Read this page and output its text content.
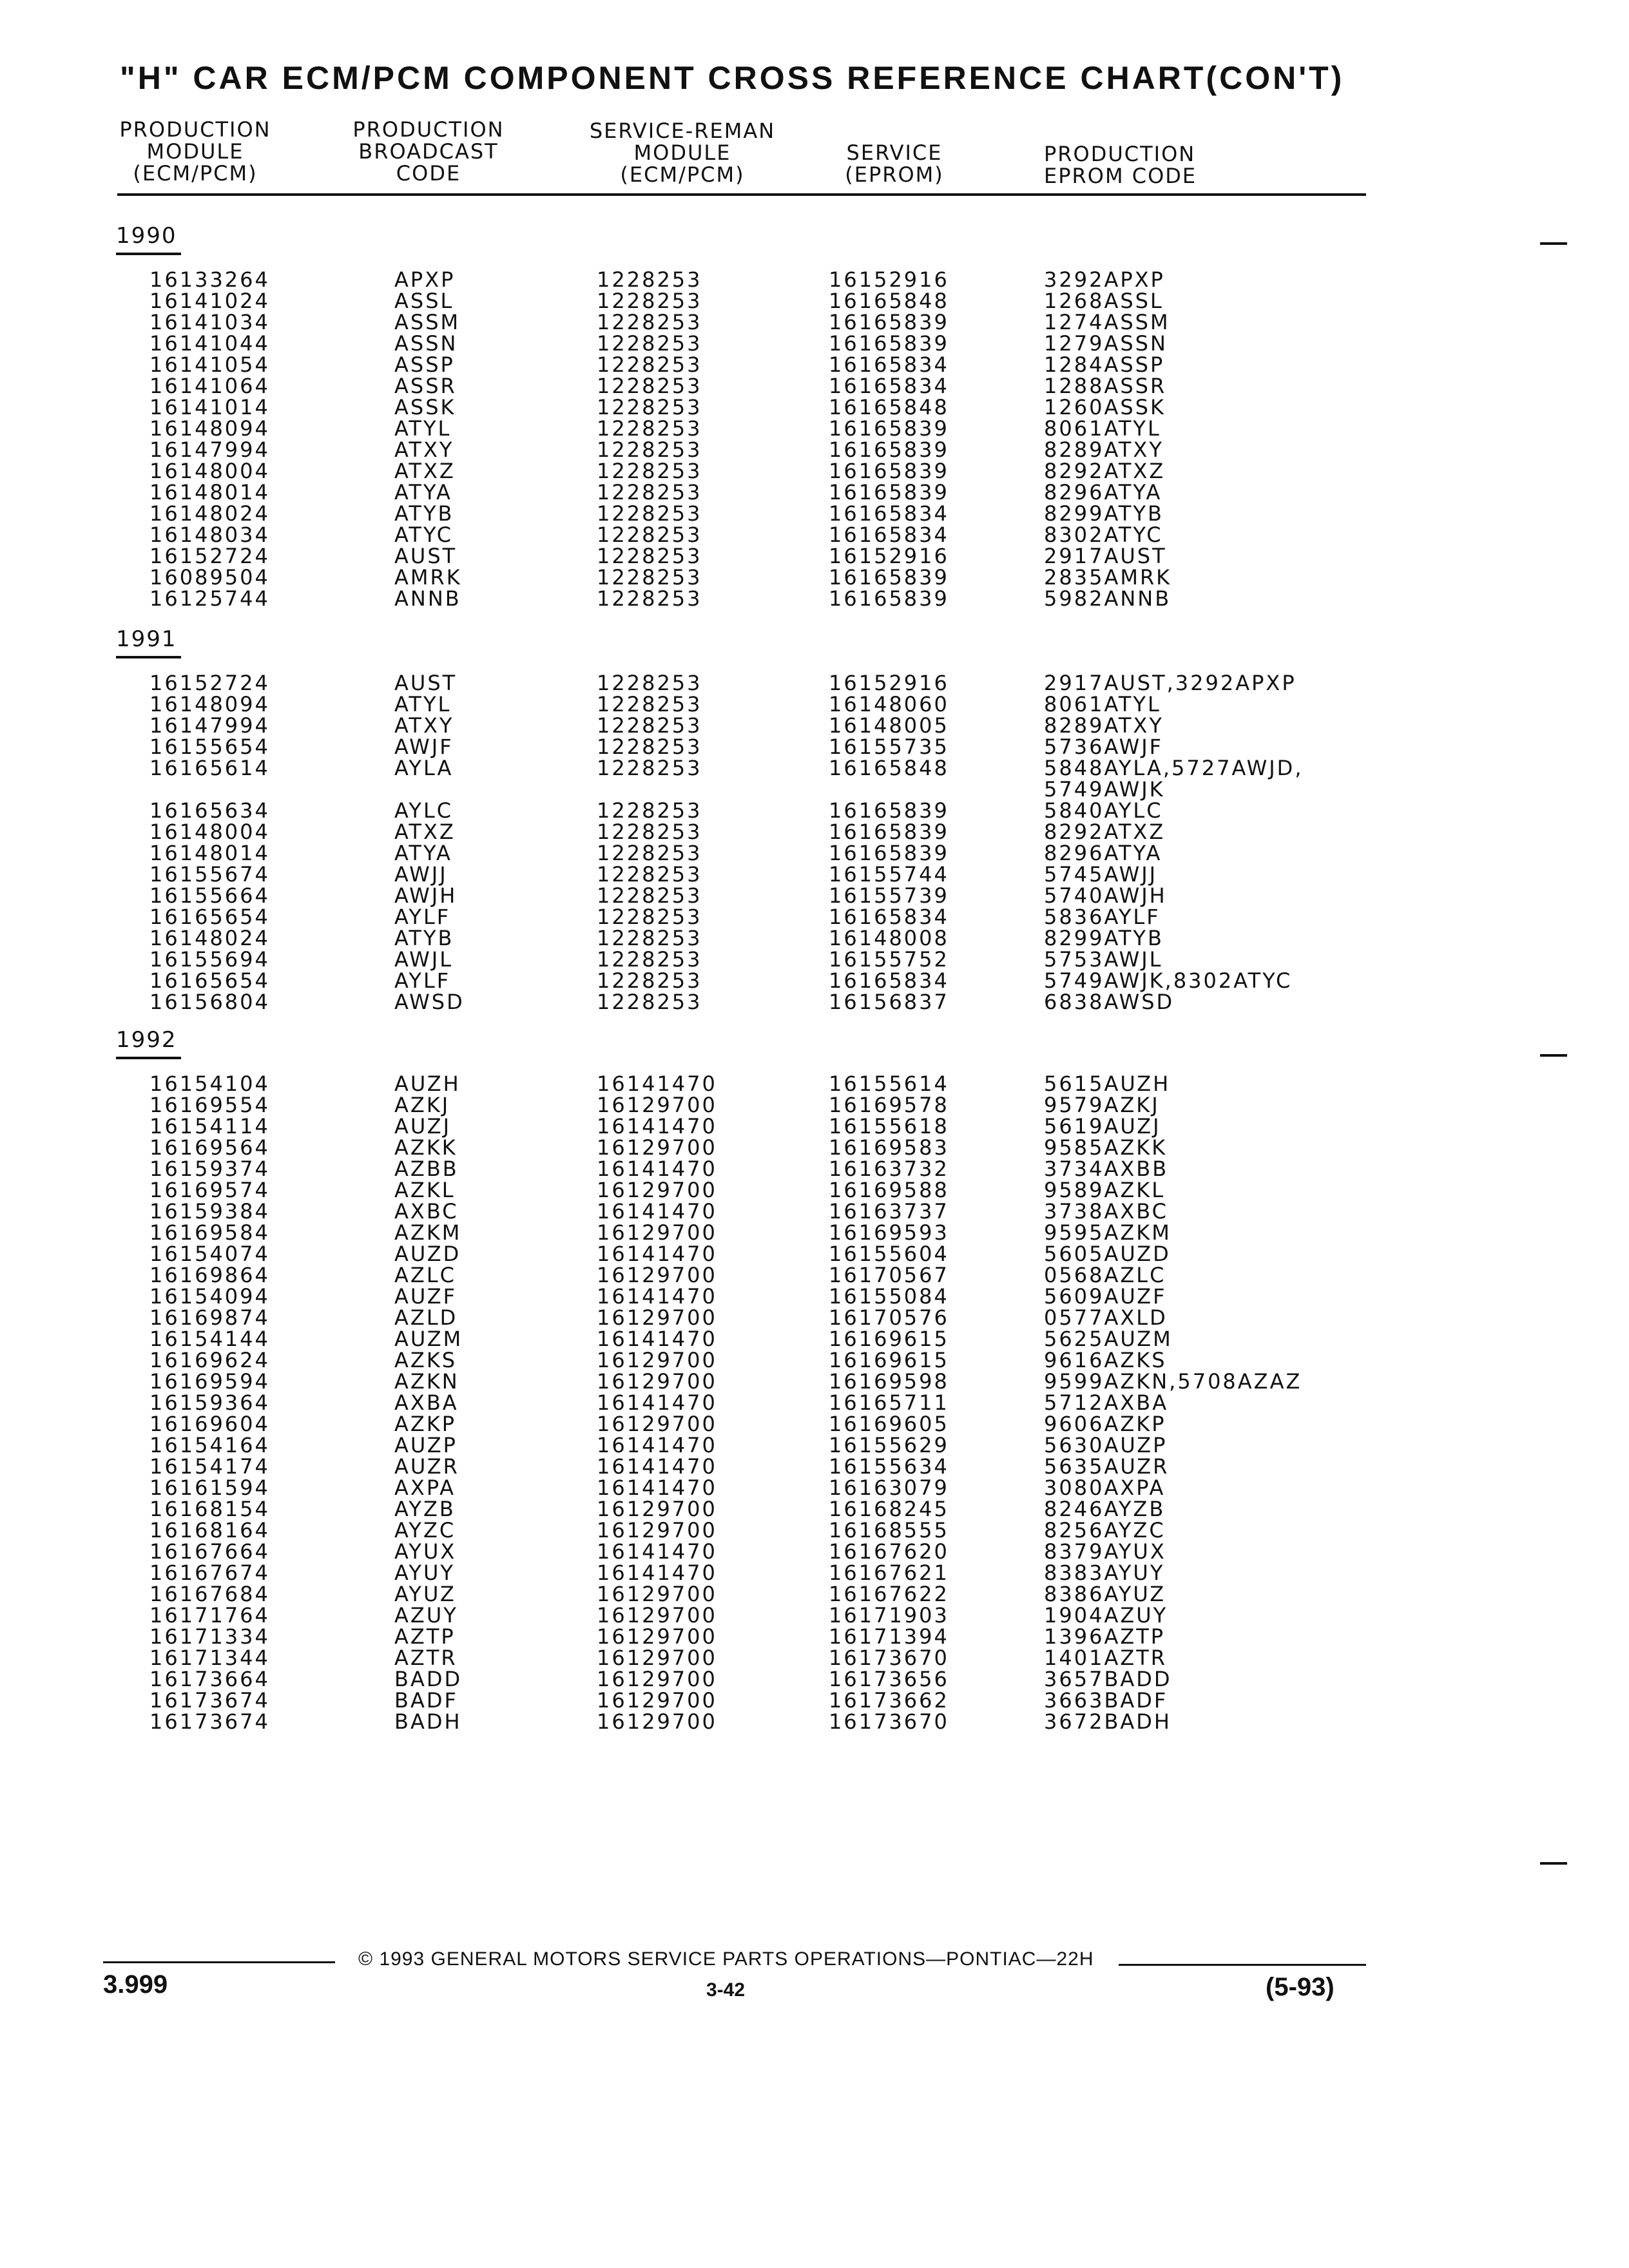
"H" CAR ECM/PCM COMPONENT CROSS REFERENCE CHART(CON'T)
PRODUCTION
MODULE
(ECM/PCM)
PRODUCTION
BROADCAST
CODE
SERVICE-REMAN
MODULE
(ECM/PCM)
SERVICE
(EPROM)
PRODUCTION
EPROM CODE
1990
16133264	APXP	1228253	16152916	3292APXP
16141024	ASSL	1228253	16165848	1268ASSL
16141034	ASSM	1228253	16165839	1274ASSM
16141044	ASSN	1228253	16165839	1279ASSN
16141054	ASSP	1228253	16165834	1284ASSP
16141064	ASSR	1228253	16165834	1288ASSR
16141014	ASSK	1228253	16165848	1260ASSK
16148094	ATYL	1228253	16165839	8061ATYL
16147994	ATXY	1228253	16165839	8289ATXY
16148004	ATXZ	1228253	16165839	8292ATXZ
16148014	ATYA	1228253	16165839	8296ATYA
16148024	ATYB	1228253	16165834	8299ATYB
16148034	ATYC	1228253	16165834	8302ATYC
16152724	AUST	1228253	16152916	2917AUST
16089504	AMRK	1228253	16165839	2835AMRK
16125744	ANNB	1228253	16165839	5982ANNB
1991
16152724	AUST	1228253	16152916	2917AUST,3292APXP
16148094	ATYL	1228253	16148060	8061ATYL
16147994	ATXY	1228253	16148005	8289ATXY
16155654	AWJF	1228253	16155735	5736AWJF
16165614	AYLA	1228253	16165848	5848AYLA,5727AWJD,
5749AWJK
16165634	AYLC	1228253	16165839	5840AYLC
16148004	ATXZ	1228253	16165839	8292ATXZ
16148014	ATYA	1228253	16165839	8296ATYA
16155674	AWJJ	1228253	16155744	5745AWJJ
16155664	AWJH	1228253	16155739	5740AWJH
16165654	AYLF	1228253	16165834	5836AYLF
16148024	ATYB	1228253	16148008	8299ATYB
16155694	AWJL	1228253	16155752	5753AWJL
16165654	AYLF	1228253	16165834	5749AWJK,8302ATYC
16156804	AWSD	1228253	16156837	6838AWSD
1992
16154104	AUZH	16141470	16155614	5615AUZH
16169554	AZKJ	16129700	16169578	9579AZKJ
16154114	AUZJ	16141470	16155618	5619AUZJ
16169564	AZKK	16129700	16169583	9585AZKK
16159374	AZBB	16141470	16163732	3734AXBB
16169574	AZKL	16129700	16169588	9589AZKL
16159384	AXBC	16141470	16163737	3738AXBC
16169584	AZKM	16129700	16169593	9595AZKM
16154074	AUZD	16141470	16155604	5605AUZD
16169864	AZLC	16129700	16170567	0568AZLC
16154094	AUZF	16141470	16155084	5609AUZF
16169874	AZLD	16129700	16170576	0577AXLD
16154144	AUZM	16141470	16169615	5625AUZM
16169624	AZKS	16129700	16169615	9616AZKS
16169594	AZKN	16129700	16169598	9599AZKN,5708AZAZ
16159364	AXBA	16141470	16165711	5712AXBA
16169604	AZKP	16129700	16169605	9606AZKP
16154164	AUZP	16141470	16155629	5630AUZP
16154174	AUZR	16141470	16155634	5635AUZR
16161594	AXPA	16141470	16163079	3080AXPA
16168154	AYZB	16129700	16168245	8246AYZB
16168164	AYZC	16129700	16168555	8256AYZC
16167664	AYUX	16141470	16167620	8379AYUX
16167674	AYUY	16141470	16167621	8383AYUY
16167684	AYUZ	16129700	16167622	8386AYUZ
16171764	AZUY	16129700	16171903	1904AZUY
16171334	AZTP	16129700	16171394	1396AZTP
16171344	AZTR	16129700	16173670	1401AZTR
16173664	BADD	16129700	16173656	3657BADD
16173674	BADF	16129700	16173662	3663BADF
16173674	BADH	16129700	16173670	3672BADH
© 1993 GENERAL MOTORS SERVICE PARTS OPERATIONS—PONTIAC—22H
3.999	3-42	(5-93)
